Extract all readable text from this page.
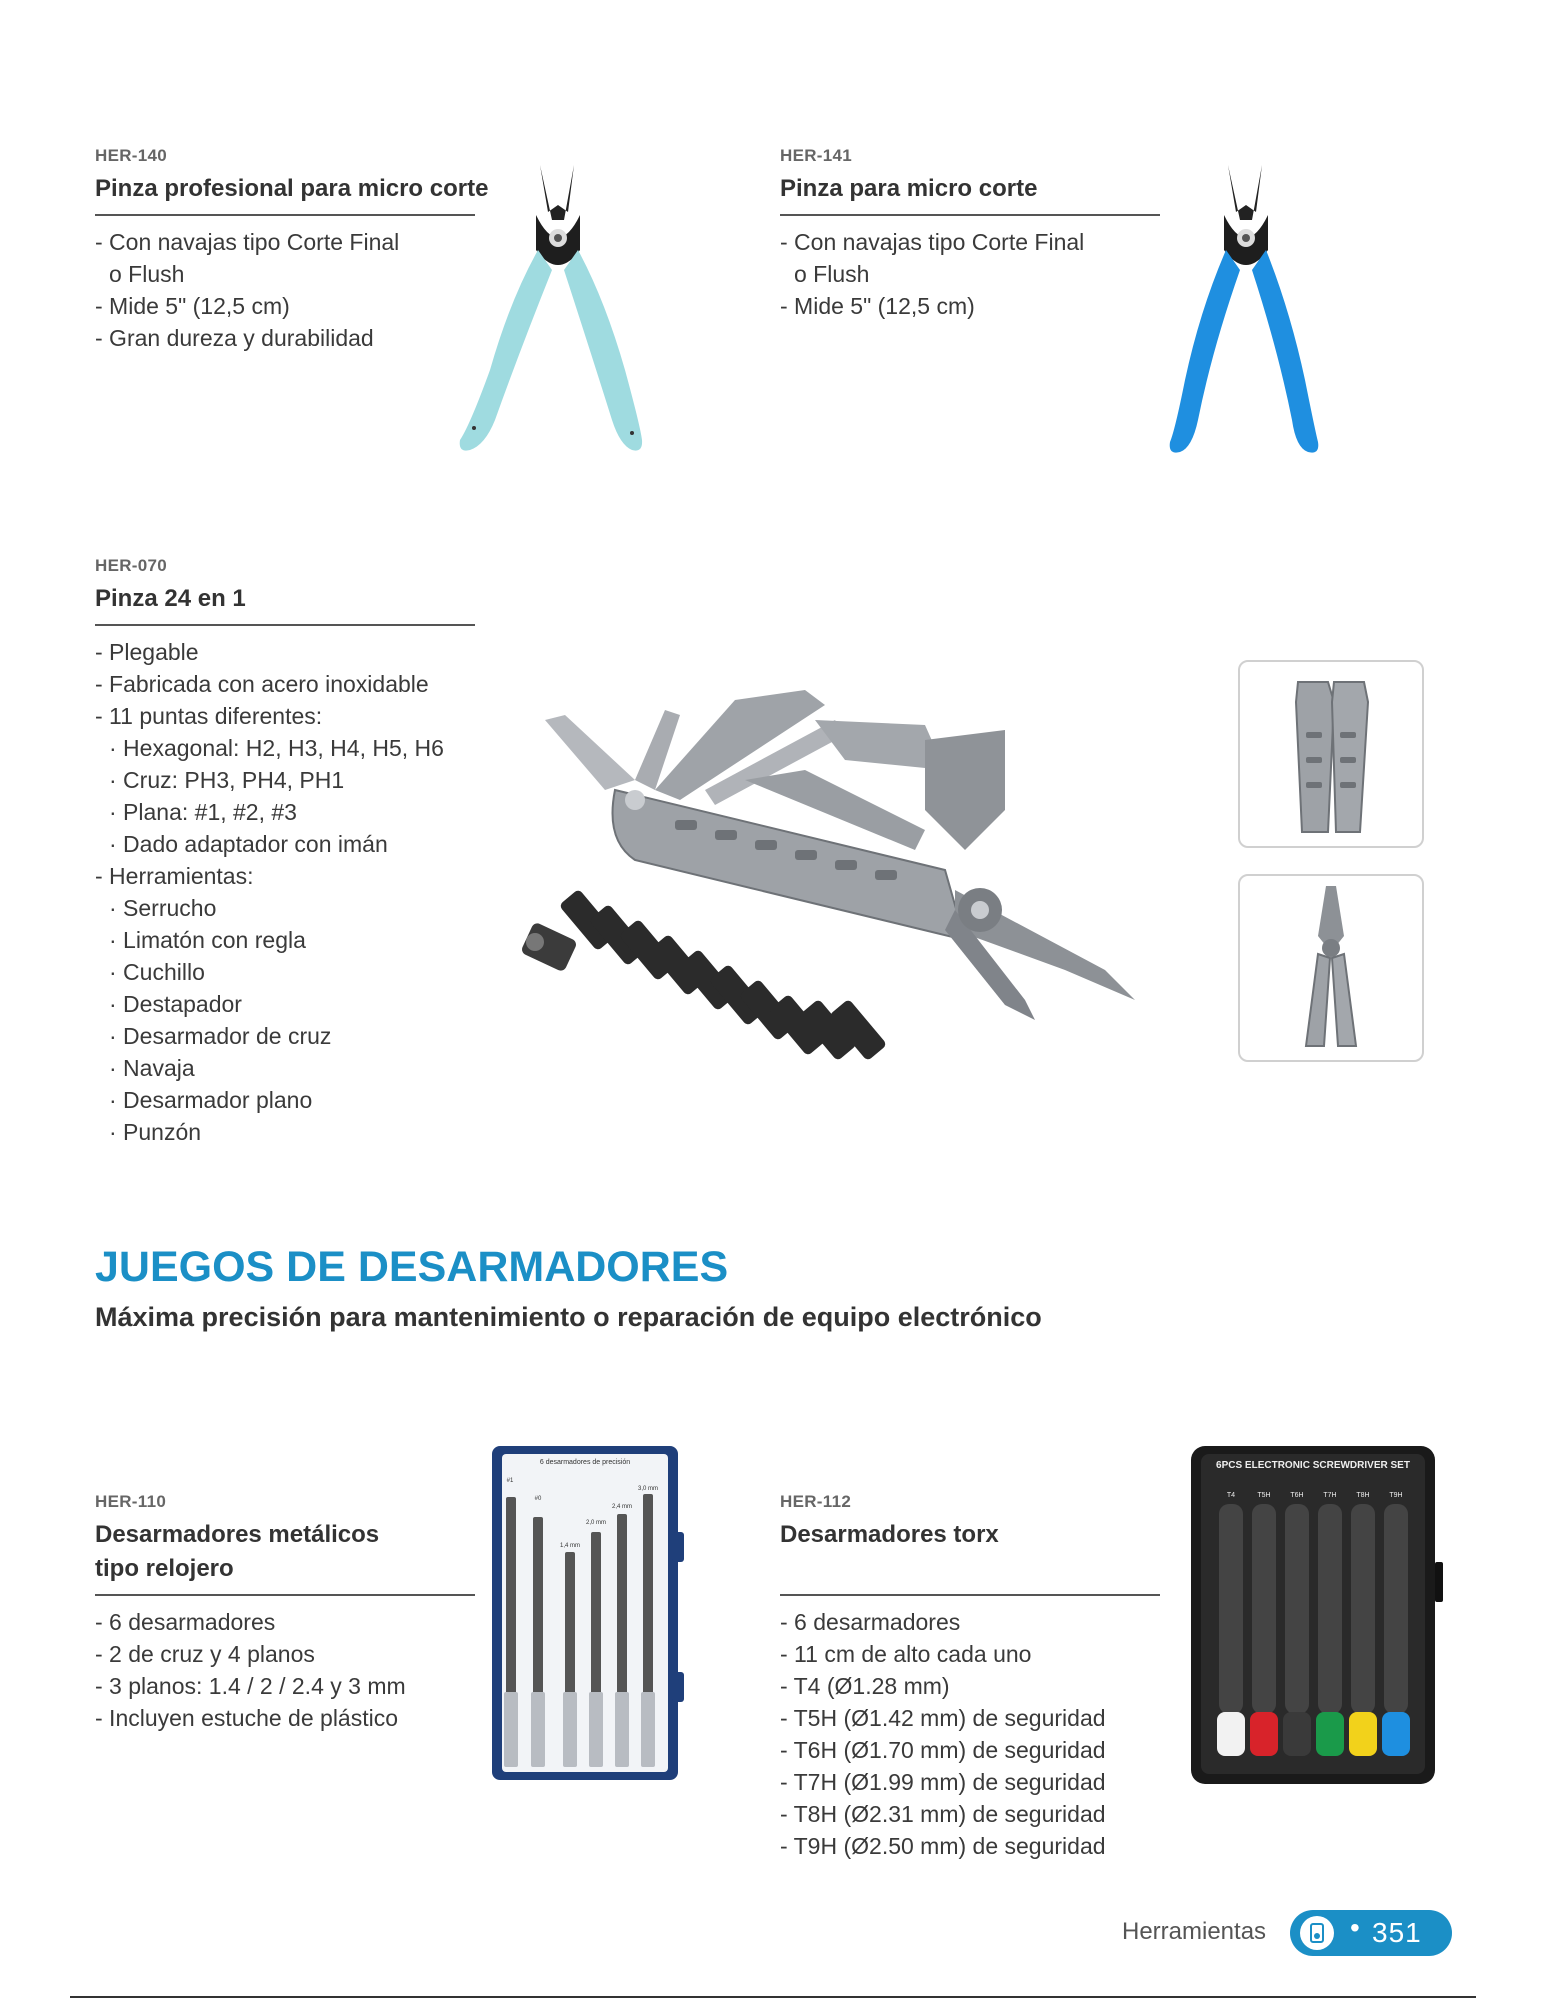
HER-140
Pinza profesional para micro corte
- Con navajas tipo Corte Final
o Flush
- Mide 5" (12,5 cm)
- Gran dureza y durabilidad
HER-141
Pinza para micro corte
- Con navajas tipo Corte Final
o Flush
- Mide 5" (12,5 cm)
HER-070
Pinza 24 en 1
- Plegable
- Fabricada con acero inoxidable
- 11 puntas diferentes:
· Hexagonal: H2, H3, H4, H5, H6
· Cruz: PH3, PH4, PH1
· Plana: #1, #2, #3
· Dado adaptador con imán
- Herramientas:
· Serrucho
· Limatón con regla
· Cuchillo
· Destapador
· Desarmador de cruz
· Navaja
· Desarmador plano
· Punzón
JUEGOS DE DESARMADORES
Máxima precisión para mantenimiento o reparación de equipo electrónico
HER-110
Desarmadores metálicos tipo relojero
- 6 desarmadores
- 2 de cruz y 4 planos
- 3 planos: 1.4 / 2 / 2.4 y 3 mm
- Incluyen estuche de plástico
6 desarmadores de precisión
#1
#0
1,4 mm
2,0 mm
2,4 mm
3,0 mm
HER-112
Desarmadores torx
- 6 desarmadores
- 11 cm de alto cada uno
- T4 (Ø1.28 mm)
- T5H (Ø1.42 mm) de seguridad
- T6H (Ø1.70 mm) de seguridad
- T7H (Ø1.99 mm) de seguridad
- T8H (Ø2.31 mm) de seguridad
- T9H (Ø2.50 mm) de seguridad
6PCS ELECTRONIC SCREWDRIVER SET
T4	T5H	T6H	T7H	T8H	T9H
Herramientas	• 351
